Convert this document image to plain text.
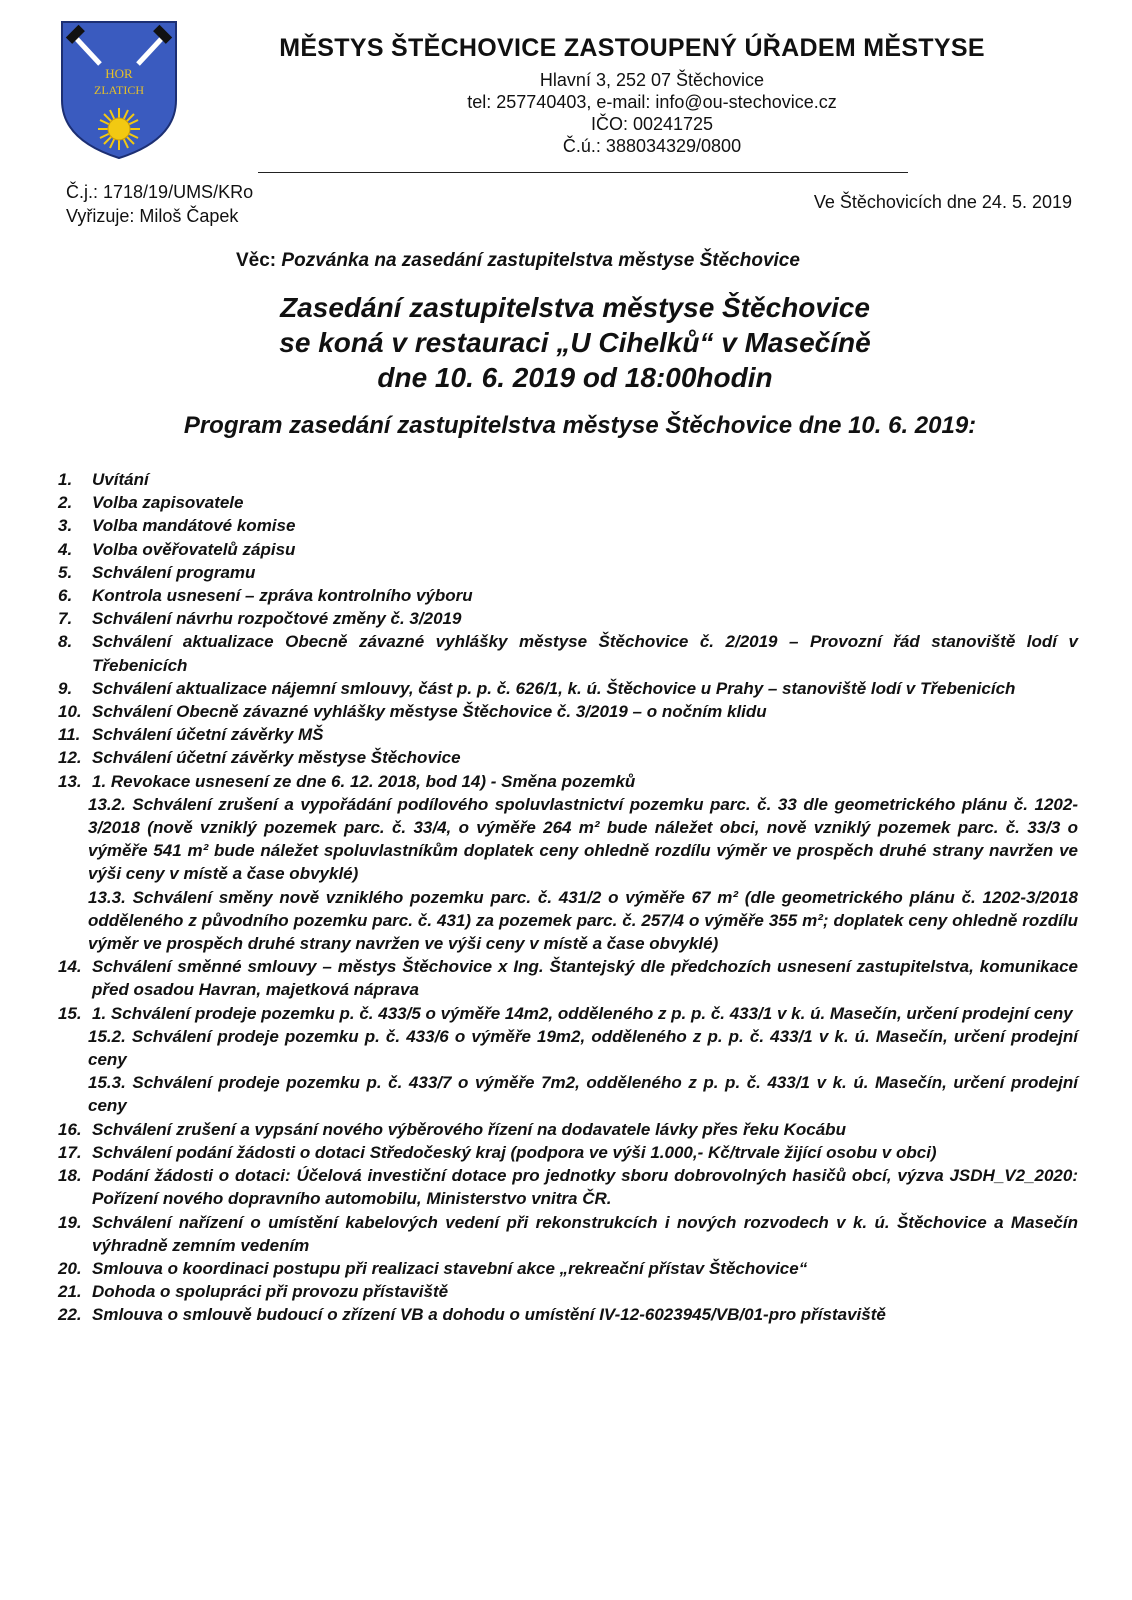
HOR
ZLATICH
MĚSTYS ŠTĚCHOVICE ZASTOUPENÝ ÚŘADEM MĚSTYSE
Hlavní 3, 252 07 Štěchovice
tel: 257740403, e-mail: info@ou-stechovice.cz
IČO: 00241725
Č.ú.: 388034329/0800
Č.j.: 1718/19/UMS/KRo
Vyřizuje: Miloš Čapek
Ve Štěchovicích dne 24. 5. 2019
Věc: Pozvánka na zasedání zastupitelstva městyse Štěchovice
Zasedání zastupitelstva městyse Štěchovice
se koná v restauraci „U Cihelků“ v Masečíně
dne 10. 6. 2019 od 18:00hodin
Program zasedání zastupitelstva městyse Štěchovice dne 10. 6. 2019:
1.	Uvítání
2.	Volba zapisovatele
3.	Volba mandátové komise
4.	Volba ověřovatelů zápisu
5.	Schválení programu
6.	Kontrola usnesení – zpráva kontrolního výboru
7.	Schválení návrhu rozpočtové změny č. 3/2019
8.	Schválení aktualizace Obecně závazné vyhlášky městyse Štěchovice č. 2/2019 – Provozní řád stanoviště lodí v Třebenicích
9.	Schválení aktualizace nájemní smlouvy, část p. p. č. 626/1, k. ú. Štěchovice u Prahy – stanoviště lodí v Třebenicích
10. Schválení Obecně závazné vyhlášky městyse Štěchovice č. 3/2019 – o nočním klidu
11. Schválení účetní závěrky MŠ
12. Schválení účetní závěrky městyse Štěchovice
13. 1. Revokace usnesení ze dne 6. 12. 2018, bod 14) - Směna pozemků
13.2. Schválení zrušení a vypořádání podílového spoluvlastnictví pozemku parc. č. 33 dle geometrického plánu č. 1202-3/2018 (nově vzniklý pozemek parc. č. 33/4, o výměře 264 m² bude náležet obci, nově vzniklý pozemek parc. č. 33/3 o výměře 541 m² bude náležet spoluvlastníkům doplatek ceny ohledně rozdílu výměr ve prospěch druhé strany navržen ve výši ceny v místě a čase obvyklé)
13.3. Schválení směny nově vzniklého pozemku parc. č. 431/2 o výměře 67 m² (dle geometrického plánu č. 1202-3/2018 odděleného z původního pozemku parc. č. 431) za pozemek parc. č. 257/4 o výměře 355 m²; doplatek ceny ohledně rozdílu výměr ve prospěch druhé strany navržen ve výši ceny v místě a čase obvyklé)
14. Schválení směnné smlouvy – městys Štěchovice x Ing. Štantejský dle předchozích usnesení zastupitelstva, komunikace před osadou Havran, majetková náprava
15. 1. Schválení prodeje pozemku p. č. 433/5 o výměře 14m2, odděleného z p. p. č. 433/1 v k. ú. Masečín, určení prodejní ceny
15.2. Schválení prodeje pozemku p. č. 433/6 o výměře 19m2, odděleného z p. p. č. 433/1 v k. ú. Masečín, určení prodejní ceny
15.3. Schválení prodeje pozemku p. č. 433/7 o výměře 7m2, odděleného z p. p. č. 433/1 v k. ú. Masečín, určení prodejní ceny
16. Schválení zrušení a vypsání nového výběrového řízení na dodavatele lávky přes řeku Kocábu
17. Schválení podání žádosti o dotaci Středočeský kraj (podpora ve výši 1.000,- Kč/trvale žijící osobu v obci)
18. Podání žádosti o dotaci: Účelová investiční dotace pro jednotky sboru dobrovolných hasičů obcí, výzva JSDH_V2_2020: Pořízení nového dopravního automobilu, Ministerstvo vnitra ČR.
19. Schválení nařízení o umístění kabelových vedení při rekonstrukcích i nových rozvodech v k. ú. Štěchovice a Masečín výhradně zemním vedením
20. Smlouva o koordinaci postupu při realizaci stavební akce „rekreační přístav Štěchovice“
21. Dohoda o spolupráci při provozu přístaviště
22. Smlouva o smlouvě budoucí o zřízení VB a dohodu o umístění IV-12-6023945/VB/01-pro přístaviště
